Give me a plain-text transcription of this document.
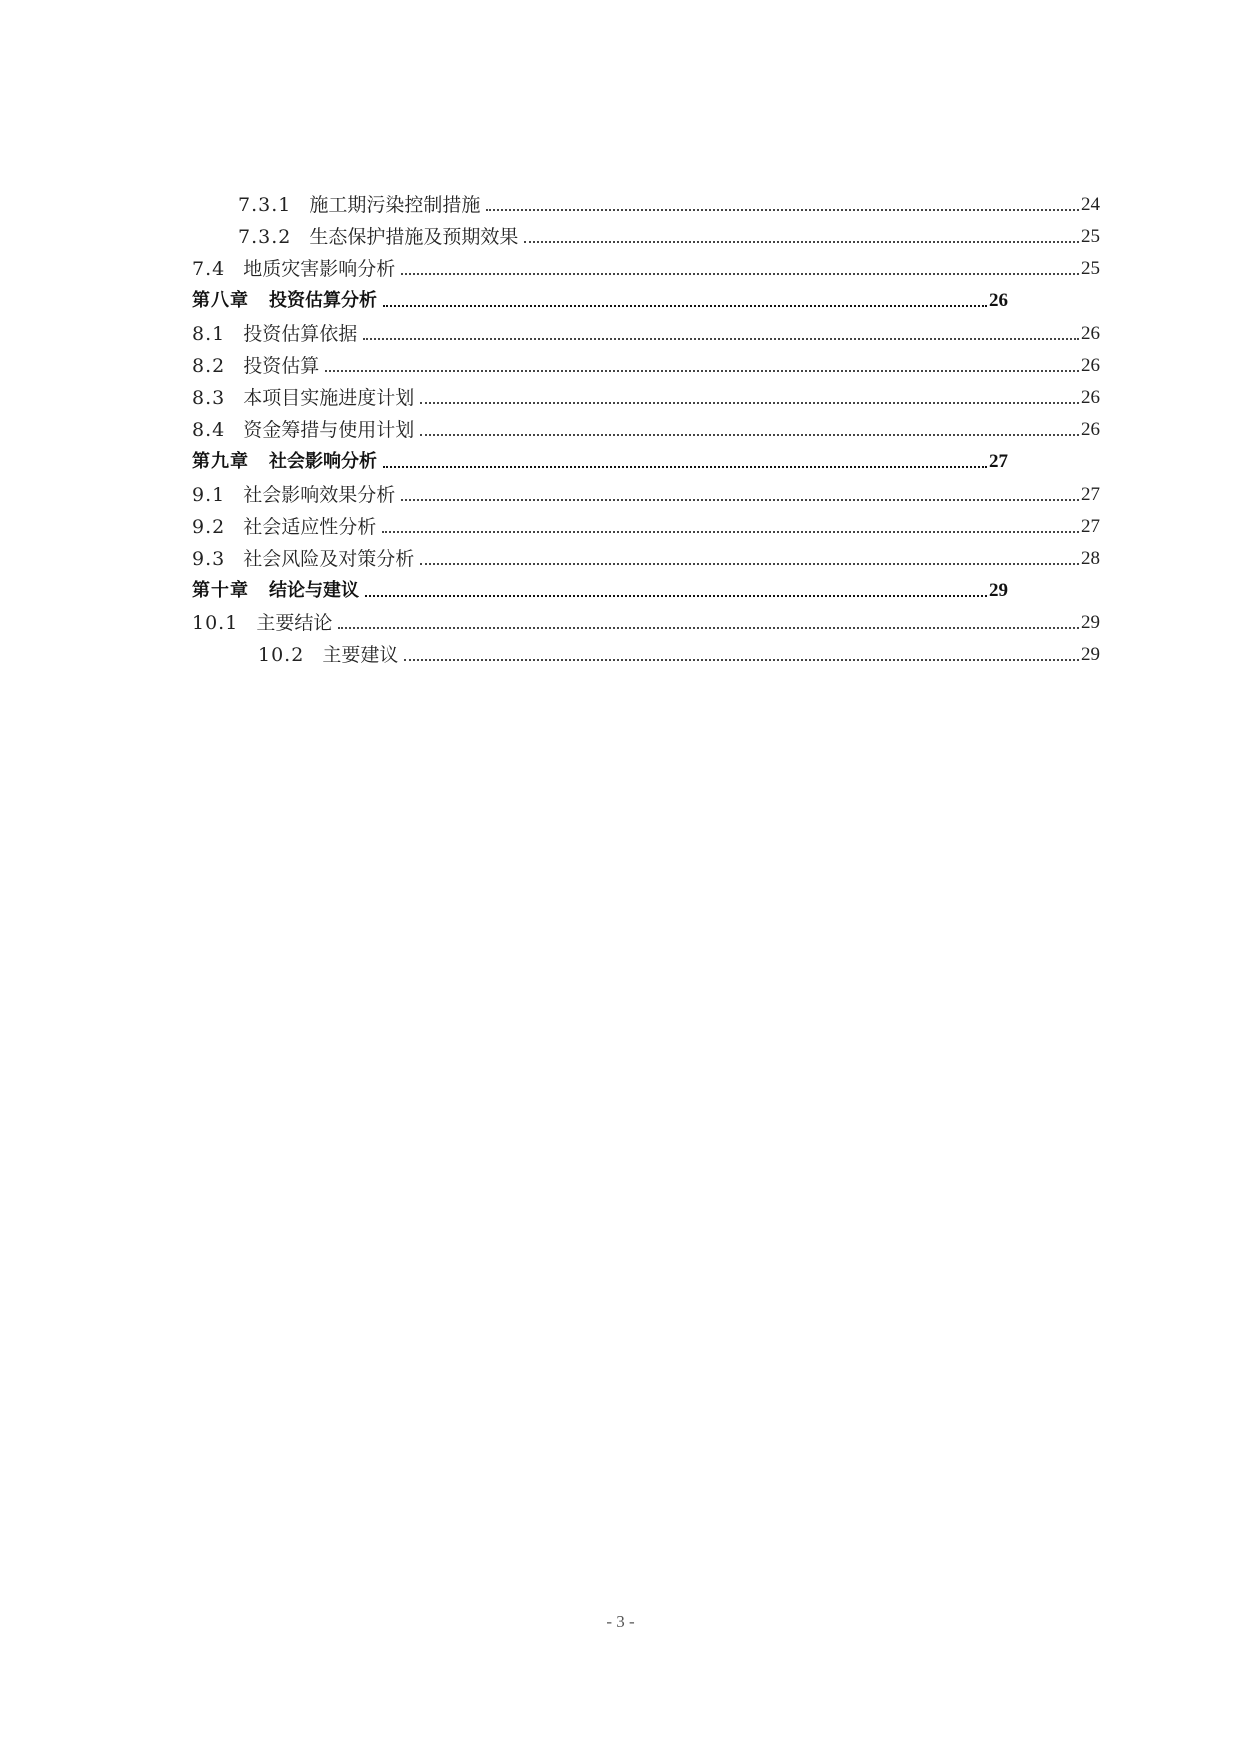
7.3.1 施工期污染控制措施	24
7.3.2 生态保护措施及预期效果	25
7.4 地质灾害影响分析	25
第八章 投资估算分析	26
8.1 投资估算依据	26
8.2 投资估算	26
8.3 本项目实施进度计划	26
8.4 资金筹措与使用计划	26
第九章 社会影响分析	27
9.1 社会影响效果分析	27
9.2 社会适应性分析	27
9.3 社会风险及对策分析	28
第十章 结论与建议	29
10.1 主要结论	29
10.2 主要建议	29
- 3 -
